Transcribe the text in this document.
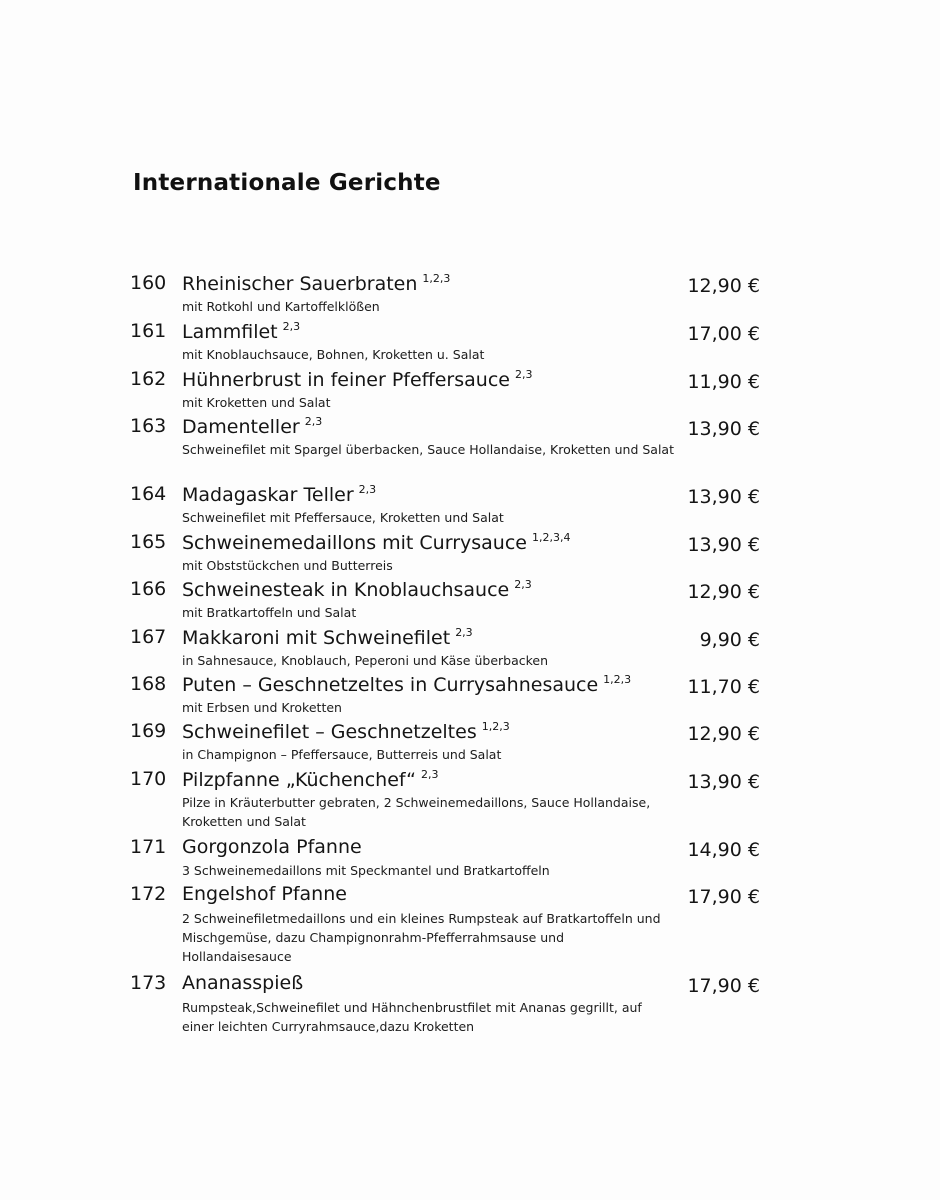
Internationale Gerichte
160 Rheinischer Sauerbraten $^{1,2,3}$
mit Rotkohl und Kartoffelklößen
12,90 €
161 Lammfilet $^{2,3}$
mit Knoblauchsauce, Bohnen, Kroketten u. Salat
17,00 €
162 Hühnerbrust in feiner Pfeffersauce $^{2,3}$
mit Kroketten und Salat
11,90 €
163 Damenteller $^{2,3}$
Schweinefilet mit Spargel überbacken, Sauce Hollandaise, Kroketten und Salat
13,90 €
164 Madagaskar Teller $^{2,3}$
Schweinefilet mit Pfeffersauce, Kroketten und Salat
13,90 €
165 Schweinemedaillons mit Currysauce $^{1,2,3,4}$
mit Obststückchen und Butterreis
13,90 €
166 Schweinesteak in Knoblauchsauce $^{2,3}$
mit Bratkartoffeln und Salat
12,90 €
167 Makkaroni mit Schweinefilet $^{2,3}$
in Sahnesauce, Knoblauch, Peperoni und Käse überbacken
9,90 €
168 Puten – Geschnetzeltes in Currysahnesauce $^{1,2,3}$
mit Erbsen und Kroketten
11,70 €
169 Schweinefilet – Geschnetzeltes $^{1,2,3}$
in Champignon – Pfeffersauce, Butterreis und Salat
12,90 €
170 Pilzpfanne „Küchenchef“ $^{2,3}$
Pilze in Kräuterbutter gebraten, 2 Schweinemedaillons, Sauce Hollandaise, Kroketten und Salat
13,90 €
171 Gorgonzola Pfanne
3 Schweinemedaillons mit Speckmantel und Bratkartoffeln
14,90 €
172 Engelshof Pfanne
2 Schweinefiletmedaillons und ein kleines Rumpsteak auf Bratkartoffeln und Mischgemüse, dazu Champignonrahm-Pfefferrahmsause und Hollandaisesauce
17,90 €
173 Ananasspieß
Rumpsteak,Schweinefilet und Hähnchenbrustfilet mit Ananas gegrillt, auf einer leichten Curryrahmsauce,dazu Kroketten
17,90 €
